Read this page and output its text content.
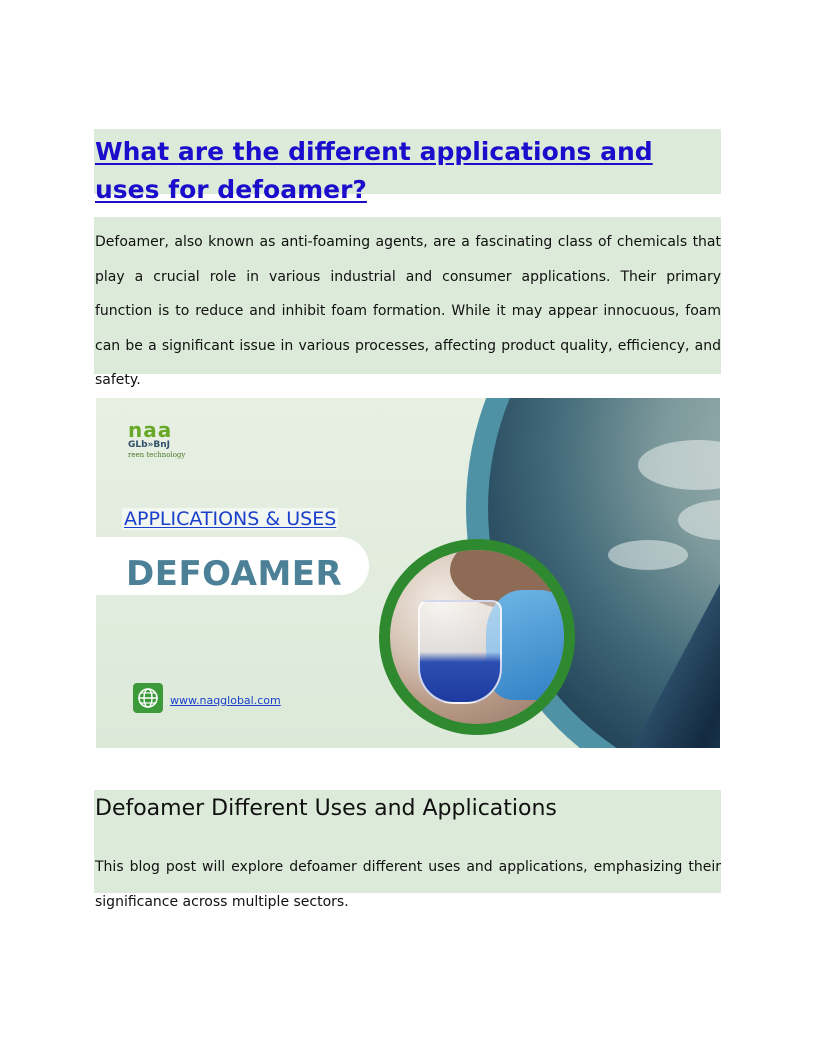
What are the different applications and uses for defoamer?

Defoamer, also known as anti-foaming agents, are a fascinating class of chemicals that play a crucial role in various industrial and consumer applications. Their primary function is to reduce and inhibit foam formation. While it may appear innocuous, foam can be a significant issue in various processes, affecting product quality, efficiency, and safety.

naa
GLb»BnJ
reen technology
APPLICATIONS & USES
DEFOAMER
www.naqglobal.com
Defoamer Different Uses and Applications

This blog post will explore defoamer different uses and applications, emphasizing their significance across multiple sectors.
